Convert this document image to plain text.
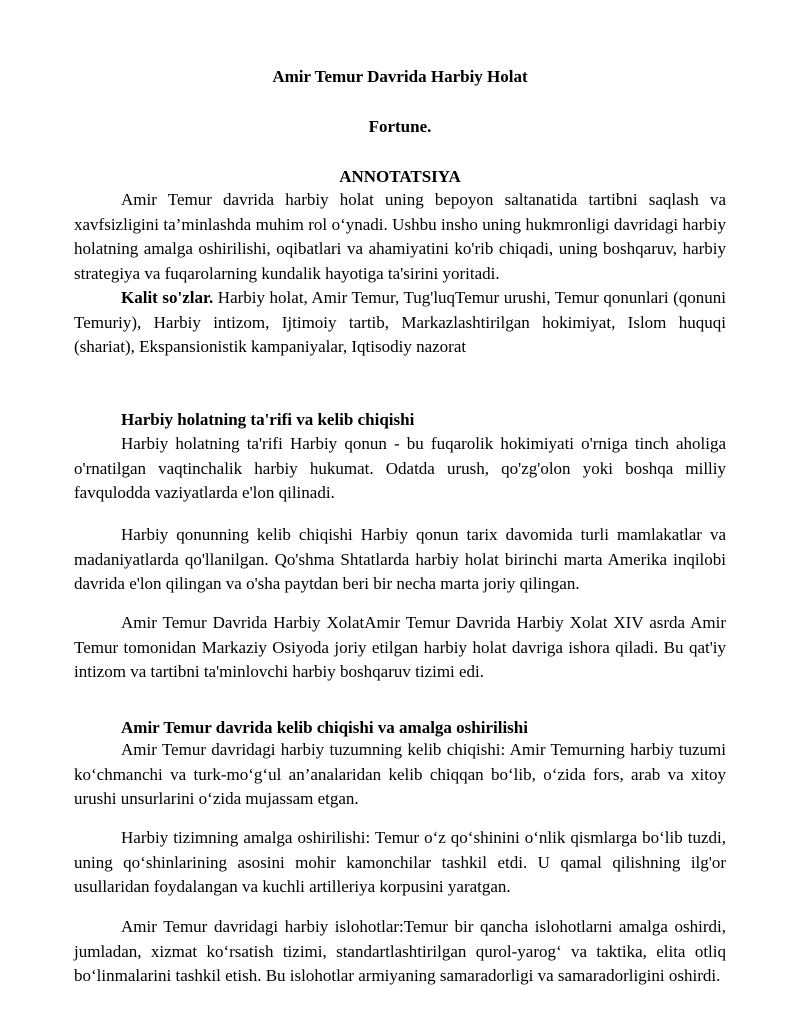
Amir Temur Davrida Harbiy Holat
Fortune.
ANNOTATSIYA

Amir Temur davrida harbiy holat uning bepoyon saltanatida tartibni saqlash va xavfsizligini ta’minlashda muhim rol o‘ynadi. Ushbu insho uning hukmronligi davridagi harbiy holatning amalga oshirilishi, oqibatlari va ahamiyatini ko'rib chiqadi, uning boshqaruv, harbiy strategiya va fuqarolarning kundalik hayotiga ta'sirini yoritadi.

Kalit so'zlar. Harbiy holat, Amir Temur, Tug'luqTemur urushi, Temur qonunlari (qonuni Temuriy), Harbiy intizom, Ijtimoiy tartib, Markazlashtirilgan hokimiyat, Islom huquqi (shariat), Ekspansionistik kampaniyalar, Iqtisodiy nazorat

Harbiy holatning ta'rifi va kelib chiqishi

Harbiy holatning ta'rifi Harbiy qonun - bu fuqarolik hokimiyati o'rniga tinch aholiga o'rnatilgan vaqtinchalik harbiy hukumat. Odatda urush, qo'zg'olon yoki boshqa milliy favqulodda vaziyatlarda e'lon qilinadi.

Harbiy qonunning kelib chiqishi Harbiy qonun tarix davomida turli mamlakatlar va madaniyatlarda qo'llanilgan. Qo'shma Shtatlarda harbiy holat birinchi marta Amerika inqilobi davrida e'lon qilingan va o'sha paytdan beri bir necha marta joriy qilingan.

Amir Temur Davrida Harbiy XolatAmir Temur Davrida Harbiy Xolat XIV asrda Amir Temur tomonidan Markaziy Osiyoda joriy etilgan harbiy holat davriga ishora qiladi. Bu qat'iy intizom va tartibni ta'minlovchi harbiy boshqaruv tizimi edi.

Amir Temur davrida kelib chiqishi va amalga oshirilishi

Amir Temur davridagi harbiy tuzumning kelib chiqishi: Amir Temurning harbiy tuzumi ko‘chmanchi va turk-mo‘g‘ul an’analaridan kelib chiqqan bo‘lib, o‘zida fors, arab va xitoy urushi unsurlarini o‘zida mujassam etgan.

Harbiy tizimning amalga oshirilishi: Temur o‘z qo‘shinini o‘nlik qismlarga bo‘lib tuzdi, uning qo‘shinlarining asosini mohir kamonchilar tashkil etdi. U qamal qilishning ilg'or usullaridan foydalangan va kuchli artilleriya korpusini yaratgan.

Amir Temur davridagi harbiy islohotlar:Temur bir qancha islohotlarni amalga oshirdi, jumladan, xizmat ko‘rsatish tizimi, standartlashtirilgan qurol-yarog‘ va taktika, elita otliq bo‘linmalarini tashkil etish. Bu islohotlar armiyaning samaradorligi va samaradorligini oshirdi.
